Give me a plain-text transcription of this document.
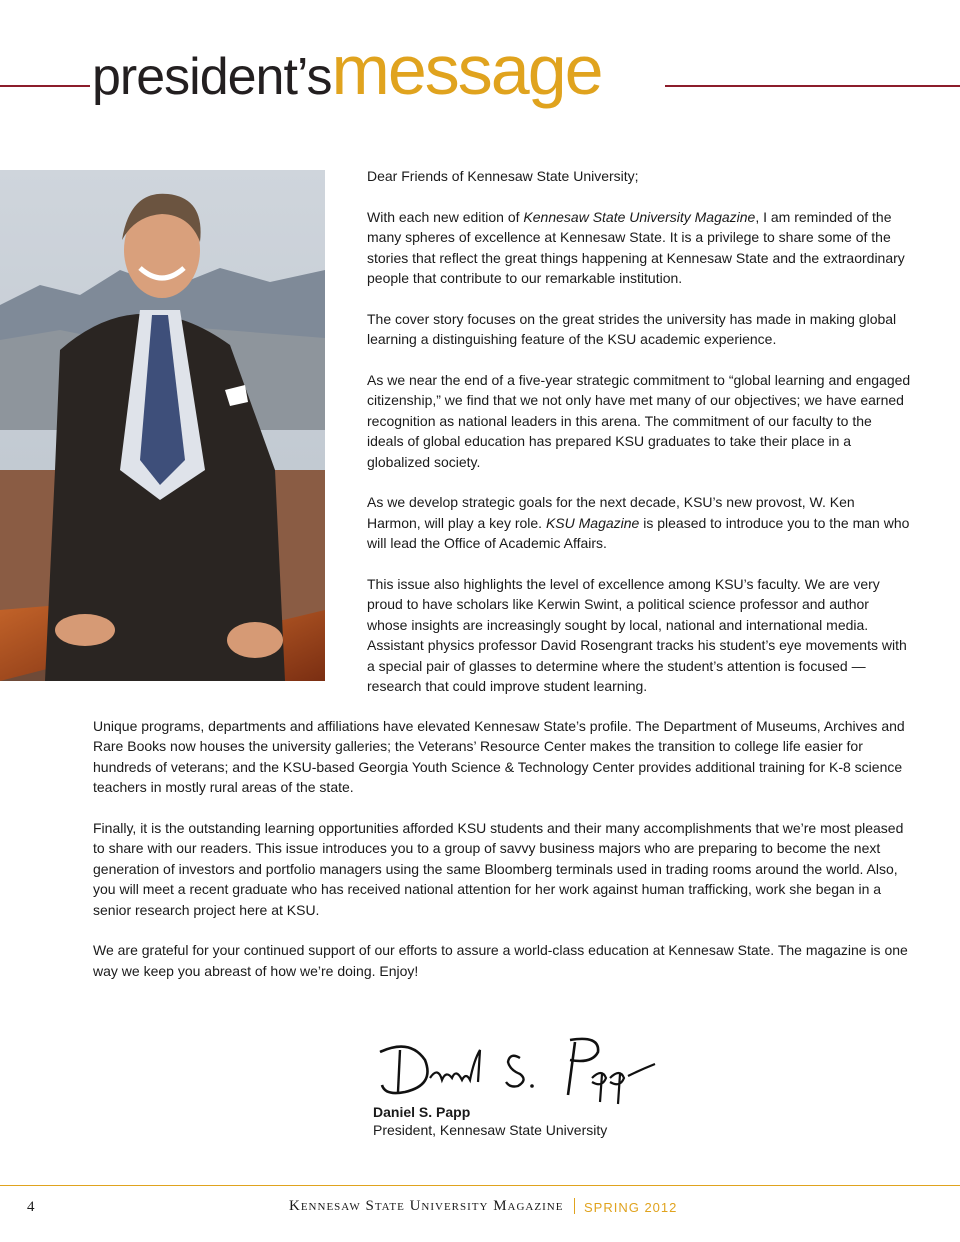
president’smessage

Dear Friends of Kennesaw State University;

With each new edition of Kennesaw State University Magazine, I am reminded of the many spheres of excellence at Kennesaw State. It is a privilege to share some of the stories that reflect the great things happening at Kennesaw State and the extraordinary people that contribute to our remarkable institution.

The cover story focuses on the great strides the university has made in making global learning a distinguishing feature of the KSU academic experience.

As we near the end of a five-year strategic commitment to “global learning and engaged citizenship,” we find that we not only have met many of our objectives; we have earned recognition as national leaders in this arena. The commitment of our faculty to the ideals of global education has prepared KSU graduates to take their place in a globalized society.

As we develop strategic goals for the next decade, KSU’s new provost, W. Ken Harmon, will play a key role. KSU Magazine is pleased to introduce you to the man who will lead the Office of Academic Affairs.

This issue also highlights the level of excellence among KSU’s faculty. We are very proud to have scholars like Kerwin Swint, a political science professor and author whose insights are increasingly sought by local, national and international media. Assistant physics professor David Rosengrant tracks his student’s eye movements with a special pair of glasses to determine where the student’s attention is focused — research that could improve student learning.

Unique programs, departments and affiliations have elevated Kennesaw State’s profile. The Department of Museums, Archives and Rare Books now houses the university galleries; the Veterans’ Resource Center makes the transition to college life easier for hundreds of veterans; and the KSU-based Georgia Youth Science & Technology Center provides additional training for K-8 science teachers in mostly rural areas of the state.

Finally, it is the outstanding learning opportunities afforded KSU students and their many accomplishments that we’re most pleased to share with our readers. This issue introduces you to a group of savvy business majors who are preparing to become the next generation of investors and portfolio managers using the same Bloomberg terminals used in trading rooms around the world. Also, you will meet a recent graduate who has received national attention for her work against human trafficking, work she began in a senior research project here at KSU.

We are grateful for your continued support of our efforts to assure a world-class education at Kennesaw State. The magazine is one way we keep you abreast of how we’re doing. Enjoy!

Daniel S. Papp
President, Kennesaw State University
4	Kennesaw State University Magazine SPRING 2012
